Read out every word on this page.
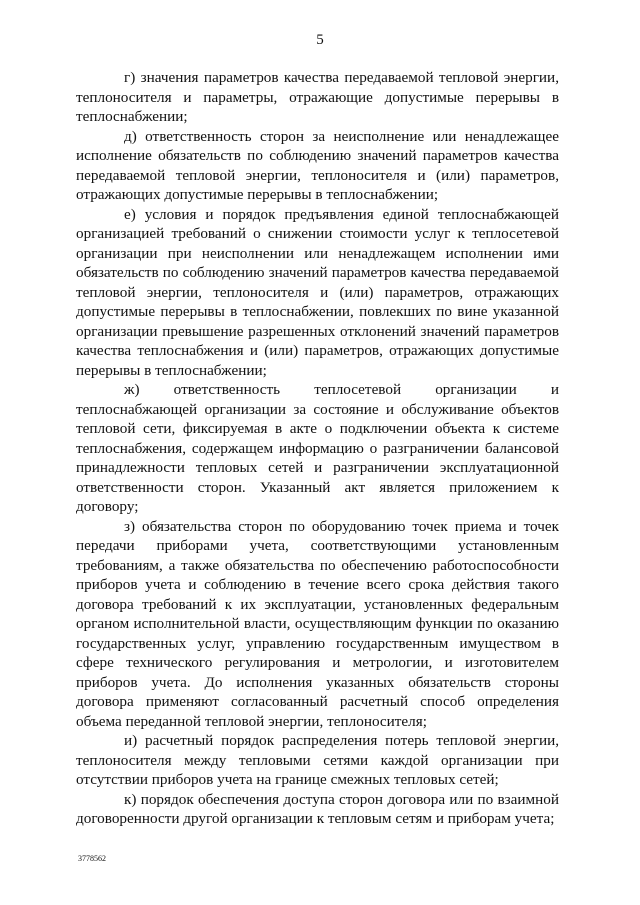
5

г) значения параметров качества передаваемой тепловой энергии, теплоносителя и параметры, отражающие допустимые перерывы в теплоснабжении;

д) ответственность сторон за неисполнение или ненадлежащее исполнение обязательств по соблюдению значений параметров качества передаваемой тепловой энергии, теплоносителя и (или) параметров, отражающих допустимые перерывы в теплоснабжении;

е) условия и порядок предъявления единой теплоснабжающей организацией требований о снижении стоимости услуг к теплосетевой организации при неисполнении или ненадлежащем исполнении ими обязательств по соблюдению значений параметров качества передаваемой тепловой энергии, теплоносителя и (или) параметров, отражающих допустимые перерывы в теплоснабжении, повлекших по вине указанной организации превышение разрешенных отклонений значений параметров качества теплоснабжения и (или) параметров, отражающих допустимые перерывы в теплоснабжении;

ж) ответственность теплосетевой организации и теплоснабжающей организации за состояние и обслуживание объектов тепловой сети, фиксируемая в акте о подключении объекта к системе теплоснабжения, содержащем информацию о разграничении балансовой принадлежности тепловых сетей и разграничении эксплуатационной ответственности сторон. Указанный акт является приложением к договору;

з) обязательства сторон по оборудованию точек приема и точек передачи приборами учета, соответствующими установленным требованиям, а также обязательства по обеспечению работоспособности приборов учета и соблюдению в течение всего срока действия такого договора требований к их эксплуатации, установленных федеральным органом исполнительной власти, осуществляющим функции по оказанию государственных услуг, управлению государственным имуществом в сфере технического регулирования и метрологии, и изготовителем приборов учета. До исполнения указанных обязательств стороны договора применяют согласованный расчетный способ определения объема переданной тепловой энергии, теплоносителя;

и) расчетный порядок распределения потерь тепловой энергии, теплоносителя между тепловыми сетями каждой организации при отсутствии приборов учета на границе смежных тепловых сетей;

к) порядок обеспечения доступа сторон договора или по взаимной договоренности другой организации к тепловым сетям и приборам учета;

3778562
